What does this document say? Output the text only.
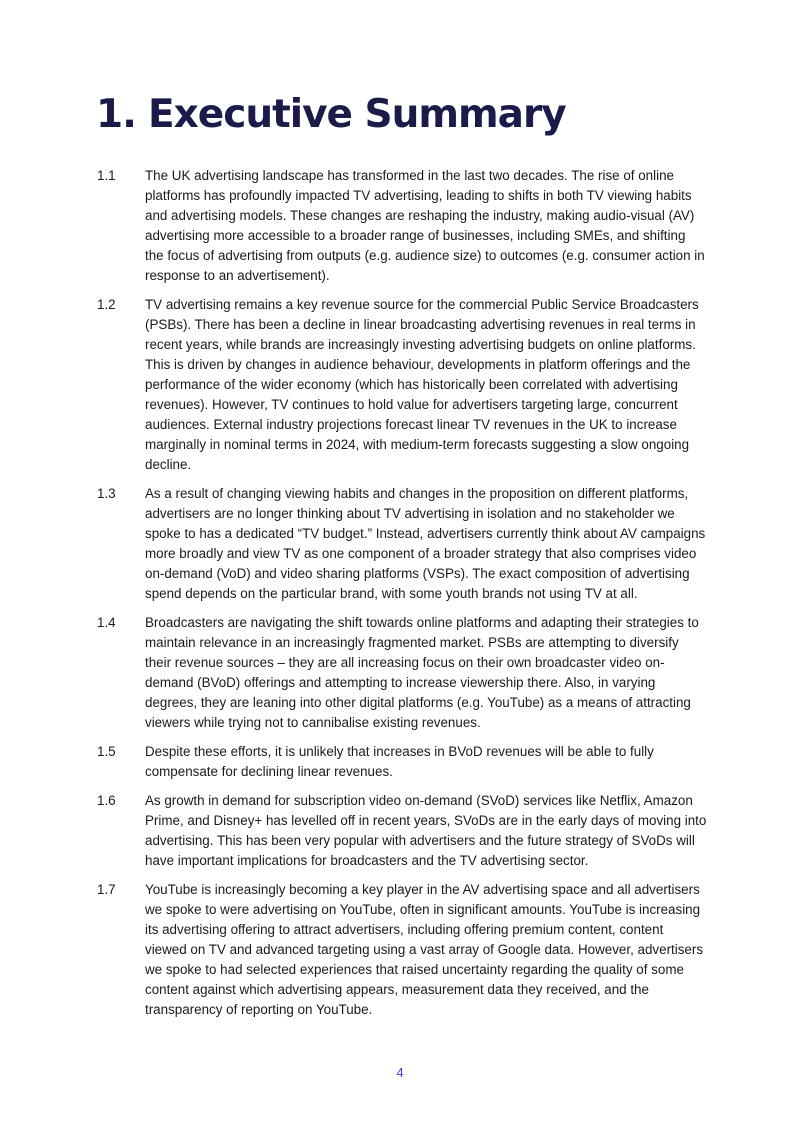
1. Executive Summary
1.1	The UK advertising landscape has transformed in the last two decades. The rise of online platforms has profoundly impacted TV advertising, leading to shifts in both TV viewing habits and advertising models. These changes are reshaping the industry, making audio-visual (AV) advertising more accessible to a broader range of businesses, including SMEs, and shifting the focus of advertising from outputs (e.g. audience size) to outcomes (e.g. consumer action in response to an advertisement).

1.2	TV advertising remains a key revenue source for the commercial Public Service Broadcasters (PSBs). There has been a decline in linear broadcasting advertising revenues in real terms in recent years, while brands are increasingly investing advertising budgets on online platforms. This is driven by changes in audience behaviour, developments in platform offerings and the performance of the wider economy (which has historically been correlated with advertising revenues). However, TV continues to hold value for advertisers targeting large, concurrent audiences. External industry projections forecast linear TV revenues in the UK to increase marginally in nominal terms in 2024, with medium-term forecasts suggesting a slow ongoing decline.

1.3	As a result of changing viewing habits and changes in the proposition on different platforms, advertisers are no longer thinking about TV advertising in isolation and no stakeholder we spoke to has a dedicated “TV budget.” Instead, advertisers currently think about AV campaigns more broadly and view TV as one component of a broader strategy that also comprises video on-demand (VoD) and video sharing platforms (VSPs). The exact composition of advertising spend depends on the particular brand, with some youth brands not using TV at all.

1.4	Broadcasters are navigating the shift towards online platforms and adapting their strategies to maintain relevance in an increasingly fragmented market. PSBs are attempting to diversify their revenue sources – they are all increasing focus on their own broadcaster video on-demand (BVoD) offerings and attempting to increase viewership there. Also, in varying degrees, they are leaning into other digital platforms (e.g. YouTube) as a means of attracting viewers while trying not to cannibalise existing revenues.

1.5	Despite these efforts, it is unlikely that increases in BVoD revenues will be able to fully compensate for declining linear revenues.

1.6	As growth in demand for subscription video on-demand (SVoD) services like Netflix, Amazon Prime, and Disney+ has levelled off in recent years, SVoDs are in the early days of moving into advertising. This has been very popular with advertisers and the future strategy of SVoDs will have important implications for broadcasters and the TV advertising sector.

1.7	YouTube is increasingly becoming a key player in the AV advertising space and all advertisers we spoke to were advertising on YouTube, often in significant amounts. YouTube is increasing its advertising offering to attract advertisers, including offering premium content, content viewed on TV and advanced targeting using a vast array of Google data. However, advertisers we spoke to had selected experiences that raised uncertainty regarding the quality of some content against which advertising appears, measurement data they received, and the transparency of reporting on YouTube.

4
